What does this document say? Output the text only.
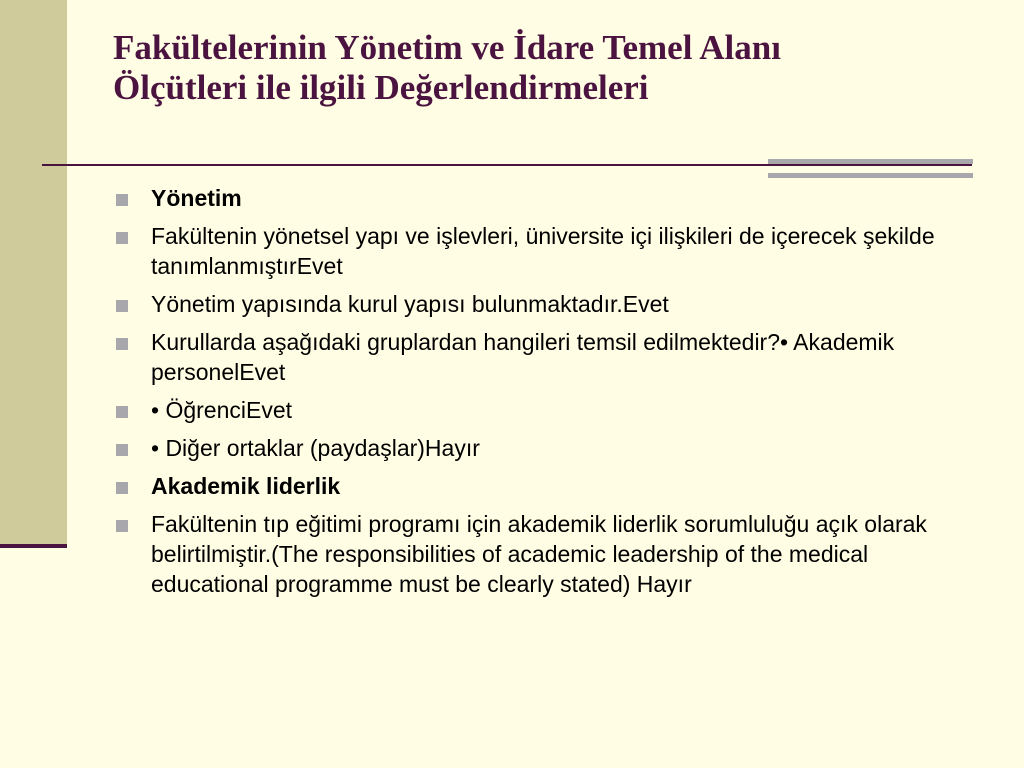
Fakültelerinin Yönetim ve İdare Temel Alanı
Ölçütleri ile ilgili Değerlendirmeleri
Yönetim
Fakültenin yönetsel yapı ve işlevleri, üniversite içi ilişkileri de içerecek şekilde tanımlanmıştırEvet
Yönetim yapısında kurul yapısı bulunmaktadır.Evet
Kurullarda aşağıdaki gruplardan hangileri temsil edilmektedir?• Akademik personelEvet
• ÖğrenciEvet
• Diğer ortaklar (paydaşlar)Hayır
Akademik liderlik
Fakültenin tıp eğitimi programı için akademik liderlik sorumluluğu açık olarak belirtilmiştir.(The responsibilities of academic leadership of the medical educational programme must be clearly stated) Hayır
